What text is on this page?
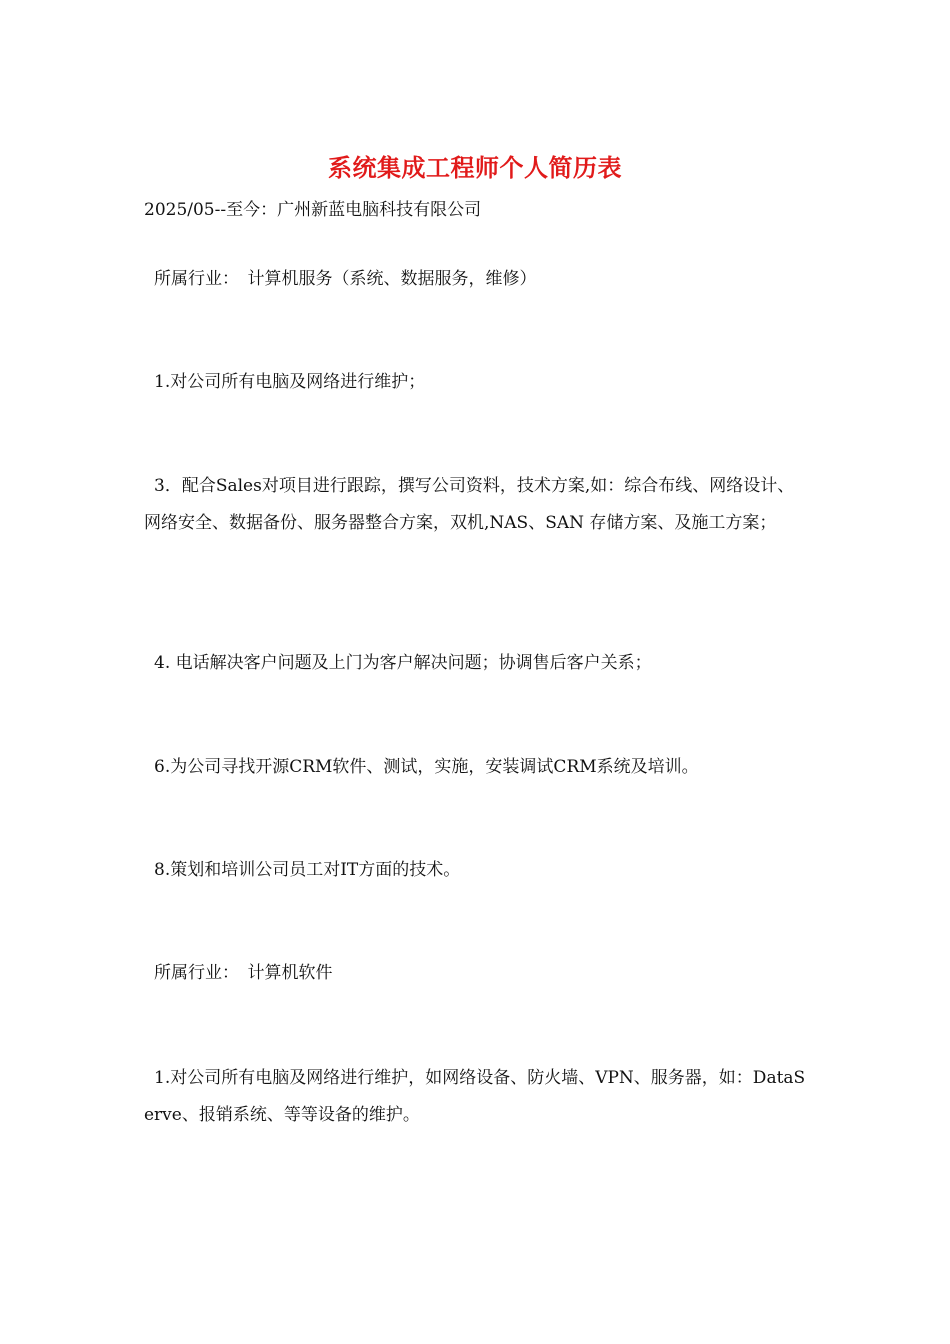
系统集成工程师个人简历表
2025/05--至今：广州新蓝电脑科技有限公司
所属行业：　计算机服务（系统、数据服务，维修）
1.对公司所有电脑及网络进行维护；
3．配合Sales对项目进行跟踪，撰写公司资料，技术方案,如：综合布线、网络设计、网络安全、数据备份、服务器整合方案，双机,NAS、SAN 存储方案、及施工方案；
4. 电话解决客户问题及上门为客户解决问题；协调售后客户关系；
6.为公司寻找开源CRM软件、测试，实施，安装调试CRM系统及培训。
8.策划和培训公司员工对IT方面的技术。
所属行业：　计算机软件
1.对公司所有电脑及网络进行维护，如网络设备、防火墙、VPN、服务器，如：DataServe、报销系统、等等设备的维护。
